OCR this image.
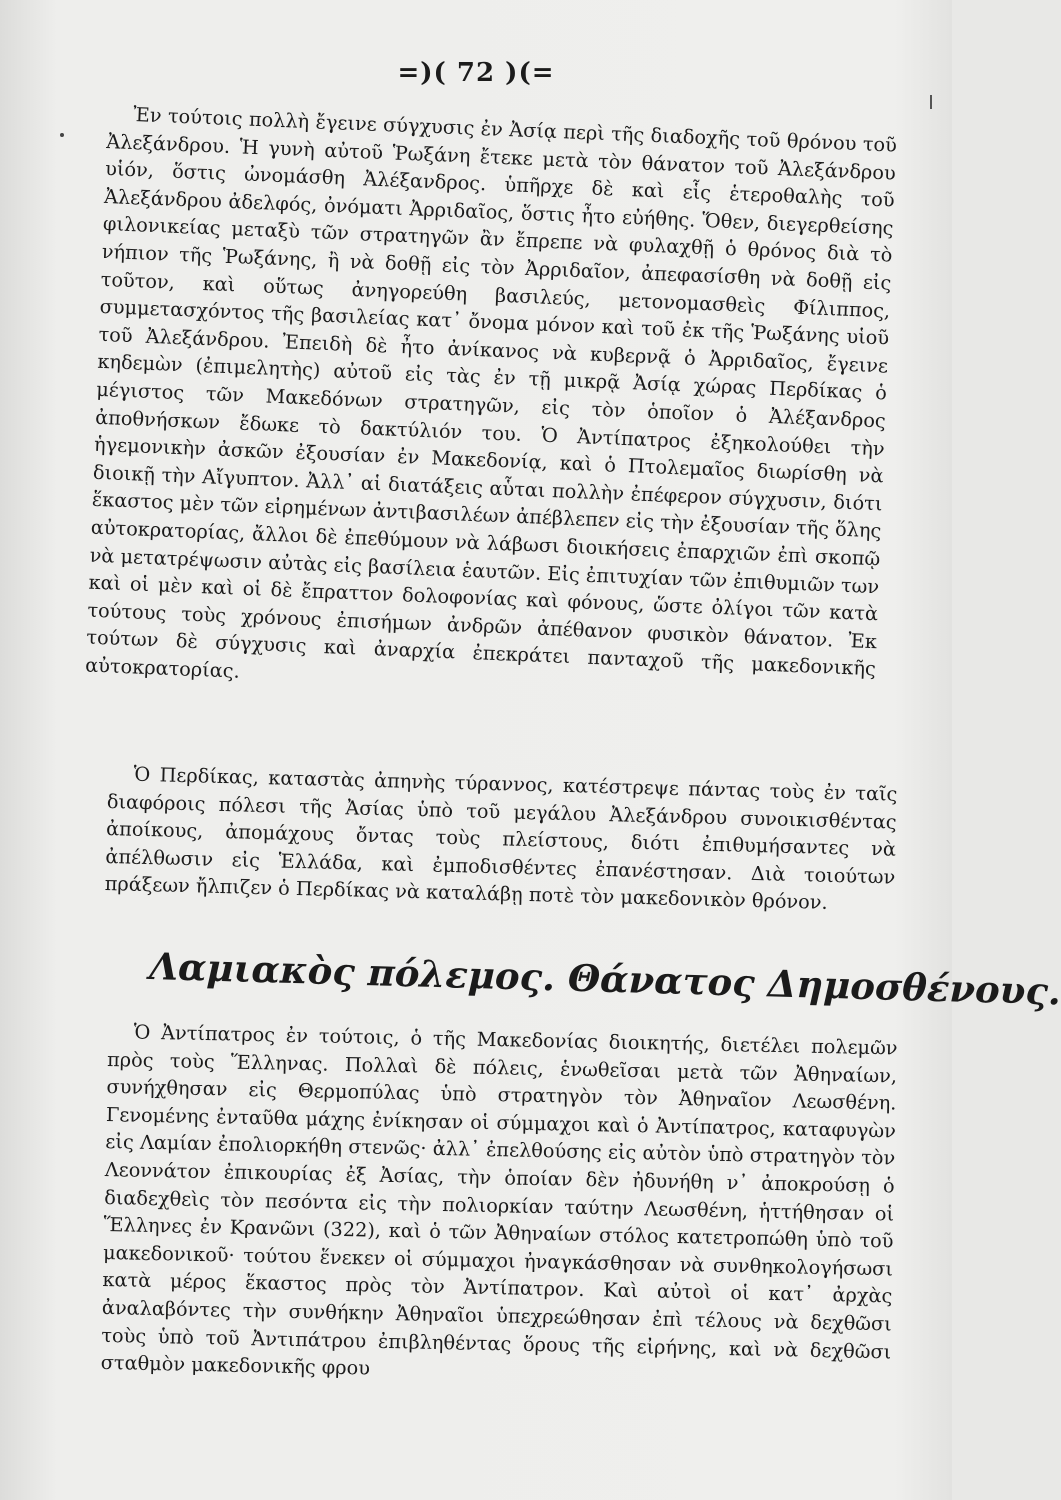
=)( 72 )(=

Ἐν τούτοις πολλὴ ἔγεινε σύγχυσις ἐν Ἀσίᾳ περὶ τῆς διαδοχῆς τοῦ θρόνου τοῦ Ἀλεξάνδρου. Ἡ γυνὴ αὐτοῦ Ῥωξάνη ἔτεκε μετὰ τὸν θάνατον τοῦ Ἀλεξάνδρου υἱόν, ὅστις ὠνομάσθη Ἀλέξανδρος. ὑπῆρχε δὲ καὶ εἷς ἑτεροθαλὴς τοῦ Ἀλεξάνδρου ἀδελφός, ὀνόματι Ἀρριδαῖος, ὅστις ἦτο εὐήθης. Ὅθεν, διεγερθείσης φιλονικείας μεταξὺ τῶν στρατηγῶν ἂν ἔπρεπε νὰ φυλαχθῇ ὁ θρόνος διὰ τὸ νήπιον τῆς Ῥωξάνης, ἢ νὰ δοθῇ εἰς τὸν Ἀρριδαῖον, ἀπεφασίσθη νὰ δοθῇ εἰς τοῦτον, καὶ οὕτως ἀνηγορεύθη βασιλεύς, μετονομασθεὶς Φίλιππος, συμμετασχόντος τῆς βασιλείας κατ᾽ ὄνομα μόνον καὶ τοῦ ἐκ τῆς Ῥωξάνης υἱοῦ τοῦ Ἀλεξάνδρου. Ἐπειδὴ δὲ ἦτο ἀνίκανος νὰ κυβερνᾷ ὁ Ἀρριδαῖος, ἔγεινε κηδεμὼν (ἐπιμελητὴς) αὐτοῦ εἰς τὰς ἐν τῇ μικρᾷ Ἀσίᾳ χώρας Περδίκας ὁ μέγιστος τῶν Μακεδόνων στρατηγῶν, εἰς τὸν ὁποῖον ὁ Ἀλέξανδρος ἀποθνήσκων ἔδωκε τὸ δακτύλιόν του. Ὁ Ἀντίπατρος ἐξηκολούθει τὴν ἡγεμονικὴν ἀσκῶν ἐξουσίαν ἐν Μακεδονίᾳ, καὶ ὁ Πτολεμαῖος διωρίσθη νὰ διοικῇ τὴν Αἴγυπτον. Ἀλλ᾽ αἱ διατάξεις αὗται πολλὴν ἐπέφερον σύγχυσιν, διότι ἕκαστος μὲν τῶν εἰρημένων ἀντιβασιλέων ἀπέβλεπεν εἰς τὴν ἐξουσίαν τῆς ὅλης αὐτοκρατορίας, ἄλλοι δὲ ἐπεθύμουν νὰ λάβωσι διοικήσεις ἐπαρχιῶν ἐπὶ σκοπῷ νὰ μετατρέψωσιν αὐτὰς εἰς βασίλεια ἑαυτῶν. Εἰς ἐπιτυχίαν τῶν ἐπιθυμιῶν των καὶ οἱ μὲν καὶ οἱ δὲ ἔπραττον δολοφονίας καὶ φόνους, ὥστε ὀλίγοι τῶν κατὰ τούτους τοὺς χρόνους ἐπισήμων ἀνδρῶν ἀπέθανον φυσικὸν θάνατον. Ἐκ τούτων δὲ σύγχυσις καὶ ἀναρχία ἐπεκράτει πανταχοῦ τῆς μακεδονικῆς αὐτοκρατορίας.

Ὁ Περδίκας, καταστὰς ἀπηνὴς τύραννος, κατέστρεψε πάντας τοὺς ἐν ταῖς διαφόροις πόλεσι τῆς Ἀσίας ὑπὸ τοῦ μεγάλου Ἀλεξάνδρου συνοικισθέντας ἀποίκους, ἀπομάχους ὄντας τοὺς πλείστους, διότι ἐπιθυμήσαντες νὰ ἀπέλθωσιν εἰς Ἑλλάδα, καὶ ἐμποδισθέντες ἐπανέστησαν. Διὰ τοιούτων πράξεων ἤλπιζεν ὁ Περδίκας νὰ καταλάβῃ ποτὲ τὸν μακεδονικὸν θρόνον.

Λαμιακὸς πόλεμος. Θάνατος Δημοσθένους.

Ὁ Ἀντίπατρος ἐν τούτοις, ὁ τῆς Μακεδονίας διοικητής, διετέλει πολεμῶν πρὸς τοὺς Ἕλληνας. Πολλαὶ δὲ πόλεις, ἑνωθεῖσαι μετὰ τῶν Ἀθηναίων, συνήχθησαν εἰς Θερμοπύλας ὑπὸ στρατηγὸν τὸν Ἀθηναῖον Λεωσθένη. Γενομένης ἐνταῦθα μάχης ἐνίκησαν οἱ σύμμαχοι καὶ ὁ Ἀντίπατρος, καταφυγὼν εἰς Λαμίαν ἐπολιορκήθη στενῶς· ἀλλ᾽ ἐπελθούσης εἰς αὐτὸν ὑπὸ στρατηγὸν τὸν Λεοννάτον ἐπικουρίας ἐξ Ἀσίας, τὴν ὁποίαν δὲν ἠδυνήθη ν᾽ ἀποκρούσῃ ὁ διαδεχθεὶς τὸν πεσόντα εἰς τὴν πολιορκίαν ταύτην Λεωσθένη, ἡττήθησαν οἱ Ἕλληνες ἐν Κρανῶνι (322), καὶ ὁ τῶν Ἀθηναίων στόλος κατετροπώθη ὑπὸ τοῦ μακεδονικοῦ· τούτου ἕνεκεν οἱ σύμμαχοι ἠναγκάσθησαν νὰ συνθηκολογήσωσι κατὰ μέρος ἕκαστος πρὸς τὸν Ἀντίπατρον. Καὶ αὐτοὶ οἱ κατ᾽ ἀρχὰς ἀναλαβόντες τὴν συνθήκην Ἀθηναῖοι ὑπεχρεώθησαν ἐπὶ τέλους νὰ δεχθῶσι τοὺς ὑπὸ τοῦ Ἀντιπάτρου ἐπιβληθέντας ὅρους τῆς εἰρήνης, καὶ νὰ δεχθῶσι σταθμὸν μακεδονικῆς φρου
